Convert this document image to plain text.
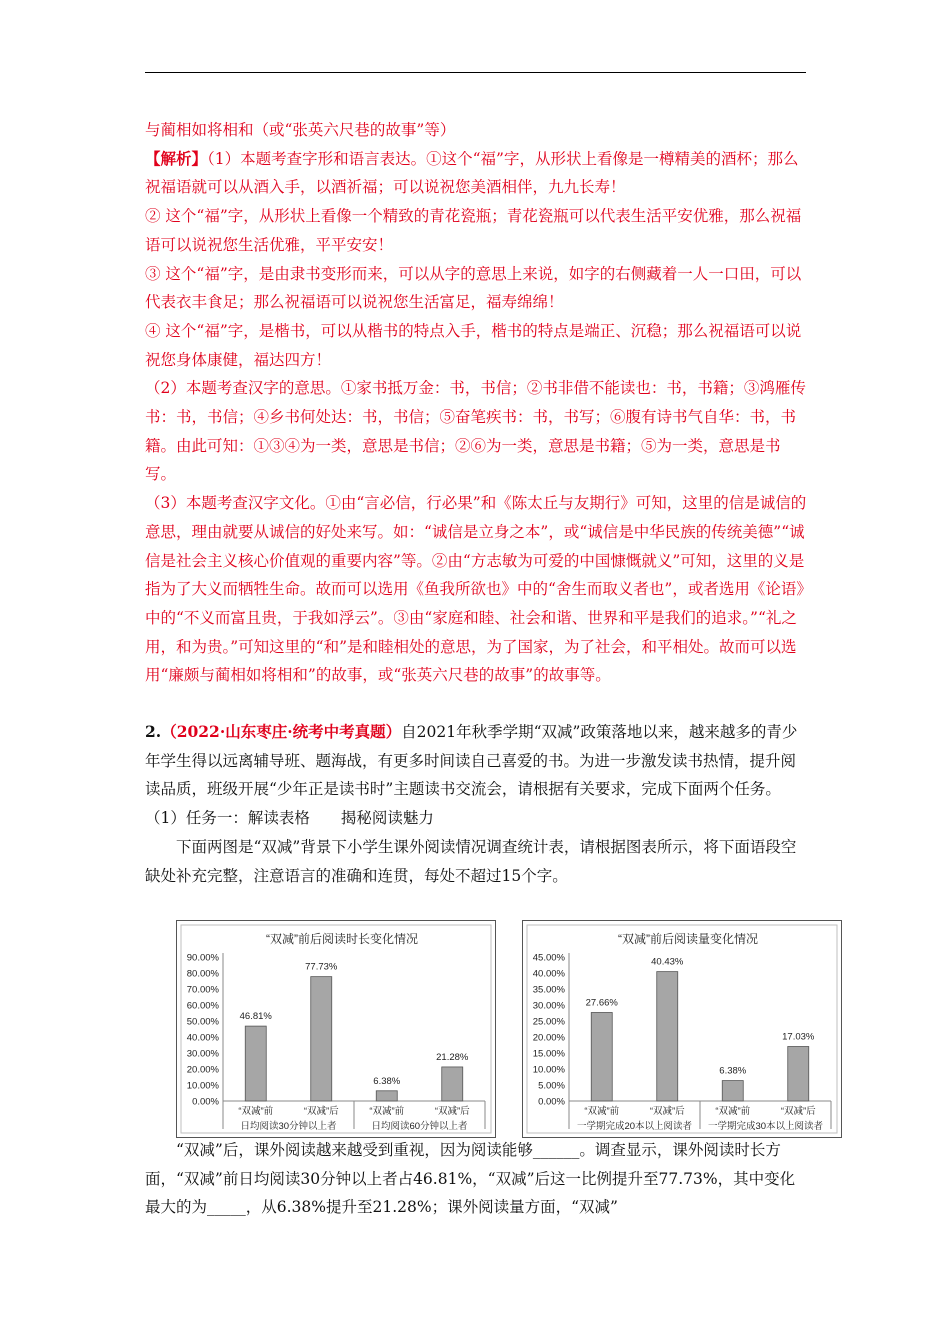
与蔺相如将相和（或“张英六尺巷的故事”等）

【解析】（1）本题考查字形和语言表达。①这个“福”字，从形状上看像是一樽精美的酒杯；那么祝福语就可以从酒入手，以酒祈福；可以说祝您美酒相伴，九九长寿！

② 这个“福”字，从形状上看像一个精致的青花瓷瓶；青花瓷瓶可以代表生活平安优雅，那么祝福语可以说祝您生活优雅，平平安安！

③ 这个“福”字，是由隶书变形而来，可以从字的意思上来说，如字的右侧藏着一人一口田，可以代表衣丰食足；那么祝福语可以说祝您生活富足，福寿绵绵！

④ 这个“福”字，是楷书，可以从楷书的特点入手，楷书的特点是端正、沉稳；那么祝福语可以说祝您身体康健，福达四方！

（2）本题考查汉字的意思。①家书抵万金：书，书信；②书非借不能读也：书，书籍；③鸿雁传书：书，书信；④乡书何处达：书，书信；⑤奋笔疾书：书，书写；⑥腹有诗书气自华：书，书籍。由此可知：①③④为一类，意思是书信；②⑥为一类，意思是书籍；⑤为一类，意思是书写。

（3）本题考查汉字文化。①由“言必信，行必果”和《陈太丘与友期行》可知，这里的信是诚信的意思，理由就要从诚信的好处来写。如：“诚信是立身之本”，或“诚信是中华民族的传统美德”“诚信是社会主义核心价值观的重要内容”等。②由“方志敏为可爱的中国慷慨就义”可知，这里的义是指为了大义而牺牲生命。故而可以选用《鱼我所欲也》中的“舍生而取义者也”，或者选用《论语》中的“不义而富且贵，于我如浮云”。③由“家庭和睦、社会和谐、世界和平是我们的追求。”“礼之用，和为贵。”可知这里的“和”是和睦相处的意思，为了国家，为了社会，和平相处。故而可以选用“廉颇与蔺相如将相和”的故事，或“张英六尺巷的故事”的故事等。

2.（2022·山东枣庄·统考中考真题）自2021年秋季学期“双减”政策落地以来，越来越多的青少年学生得以远离辅导班、题海战，有更多时间读自己喜爱的书。为进一步激发读书热情，提升阅读品质，班级开展“少年正是读书时”主题读书交流会，请根据有关要求，完成下面两个任务。

（1）任务一：解读表格　　揭秘阅读魅力

下面两图是“双减”背景下小学生课外阅读情况调查统计表，请根据图表所示，将下面语段空缺处补充完整，注意语言的准确和连贯，每处不超过15个字。

“双减”前后阅读时长变化情况
0.00%
10.00%
20.00%
30.00%
40.00%
50.00%
60.00%
70.00%
80.00%
90.00%
46.81%
“双减”前
77.73%
“双减”后
6.38%
“双减”前
21.28%
“双减”后
日均阅读30分钟以上者	日均阅读60分钟以上者
“双减”前后阅读量变化情况
0.00%
5.00%
10.00%
15.00%
20.00%
25.00%
30.00%
35.00%
40.00%
45.00%
27.66%
“双减”前
40.43%
“双减”后
6.38%
“双减”前
17.03%
“双减”后
一学期完成20本以上阅读者 一学期完成30本以上阅读者

“双减”后，课外阅读越来越受到重视，因为阅读能够______。调查显示，课外阅读时长方面，“双减”前日均阅读30分钟以上者占46.81%，“双减”后这一比例提升至77.73%，其中变化最大的为_____，从6.38%提升至21.28%；课外阅读量方面，“双减”
